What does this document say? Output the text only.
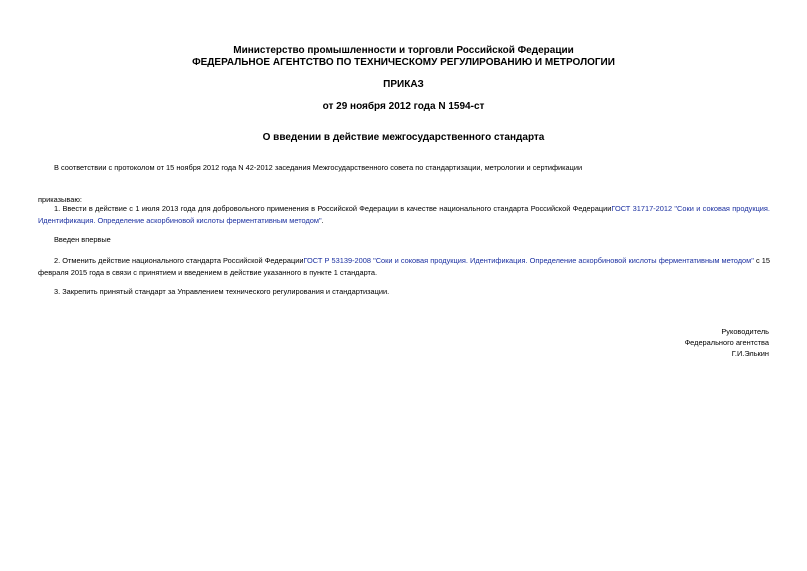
Министерство промышленности и торговли Российской Федерации
ФЕДЕРАЛЬНОЕ АГЕНТСТВО ПО ТЕХНИЧЕСКОМУ РЕГУЛИРОВАНИЮ И МЕТРОЛОГИИ
ПРИКАЗ
от 29 ноября 2012 года N 1594-ст
О введении в действие межгосударственного стандарта
В соответствии с протоколом от 15 ноября 2012 года N 42-2012 заседания Межгосударственного совета по стандартизации, метрологии и сертификации
приказываю:
1. Ввести в действие с 1 июля 2013 года для добровольного применения в Российской Федерации в качестве национального стандарта Российской ФедерацииГОСТ 31717-2012 "Соки и соковая продукция. Идентификация. Определение аскорбиновой кислоты ферментативным методом".
Введен впервые
2. Отменить действие национального стандарта Российской ФедерацииГОСТ Р 53139-2008 "Соки и соковая продукция. Идентификация. Определение аскорбиновой кислоты ферментативным методом" с 15 февраля 2015 года в связи с принятием и введением в действие указанного в пункте 1 стандарта.
3. Закрепить принятый стандарт за Управлением технического регулирования и стандартизации.
Руководитель
Федерального агентства
Г.И.Элькин
